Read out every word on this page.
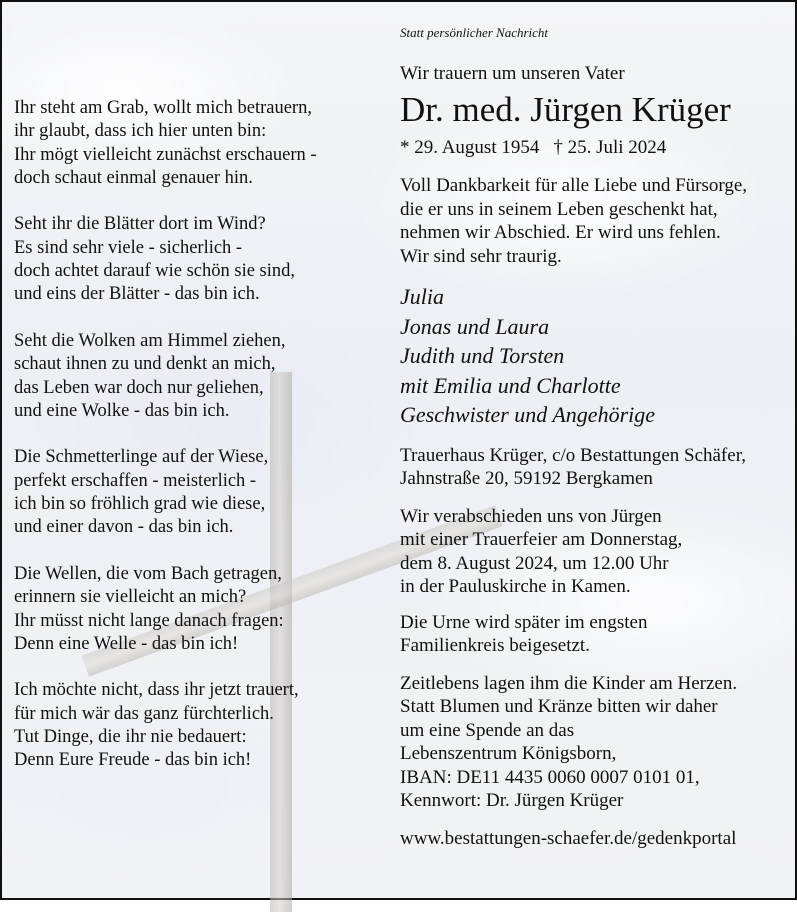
Ihr steht am Grab, wollt mich betrauern,
ihr glaubt, dass ich hier unten bin:
Ihr mögt vielleicht zunächst erschauern -
doch schaut einmal genauer hin.
Seht ihr die Blätter dort im Wind?
Es sind sehr viele - sicherlich -
doch achtet darauf wie schön sie sind,
und eins der Blätter - das bin ich.
Seht die Wolken am Himmel ziehen,
schaut ihnen zu und denkt an mich,
das Leben war doch nur geliehen,
und eine Wolke - das bin ich.
Die Schmetterlinge auf der Wiese,
perfekt erschaffen - meisterlich -
ich bin so fröhlich grad wie diese,
und einer davon - das bin ich.
Die Wellen, die vom Bach getragen,
erinnern sie vielleicht an mich?
Ihr müsst nicht lange danach fragen:
Denn eine Welle - das bin ich!
Ich möchte nicht, dass ihr jetzt trauert,
für mich wär das ganz fürchterlich.
Tut Dinge, die ihr nie bedauert:
Denn Eure Freude - das bin ich!
Statt persönlicher Nachricht
Wir trauern um unseren Vater
Dr. med. Jürgen Krüger
* 29. August 1954 † 25. Juli 2024
Voll Dankbarkeit für alle Liebe und Fürsorge,
die er uns in seinem Leben geschenkt hat,
nehmen wir Abschied. Er wird uns fehlen.
Wir sind sehr traurig.
Julia
Jonas und Laura
Judith und Torsten
mit Emilia und Charlotte
Geschwister und Angehörige
Trauerhaus Krüger, c/o Bestattungen Schäfer,
Jahnstraße 20, 59192 Bergkamen
Wir verabschieden uns von Jürgen
mit einer Trauerfeier am Donnerstag,
dem 8. August 2024, um 12.00 Uhr
in der Pauluskirche in Kamen.
Die Urne wird später im engsten
Familienkreis beigesetzt.
Zeitlebens lagen ihm die Kinder am Herzen.
Statt Blumen und Kränze bitten wir daher
um eine Spende an das
Lebenszentrum Königsborn,
IBAN: DE11 4435 0060 0007 0101 01,
Kennwort: Dr. Jürgen Krüger
www.bestattungen-schaefer.de/gedenkportal
